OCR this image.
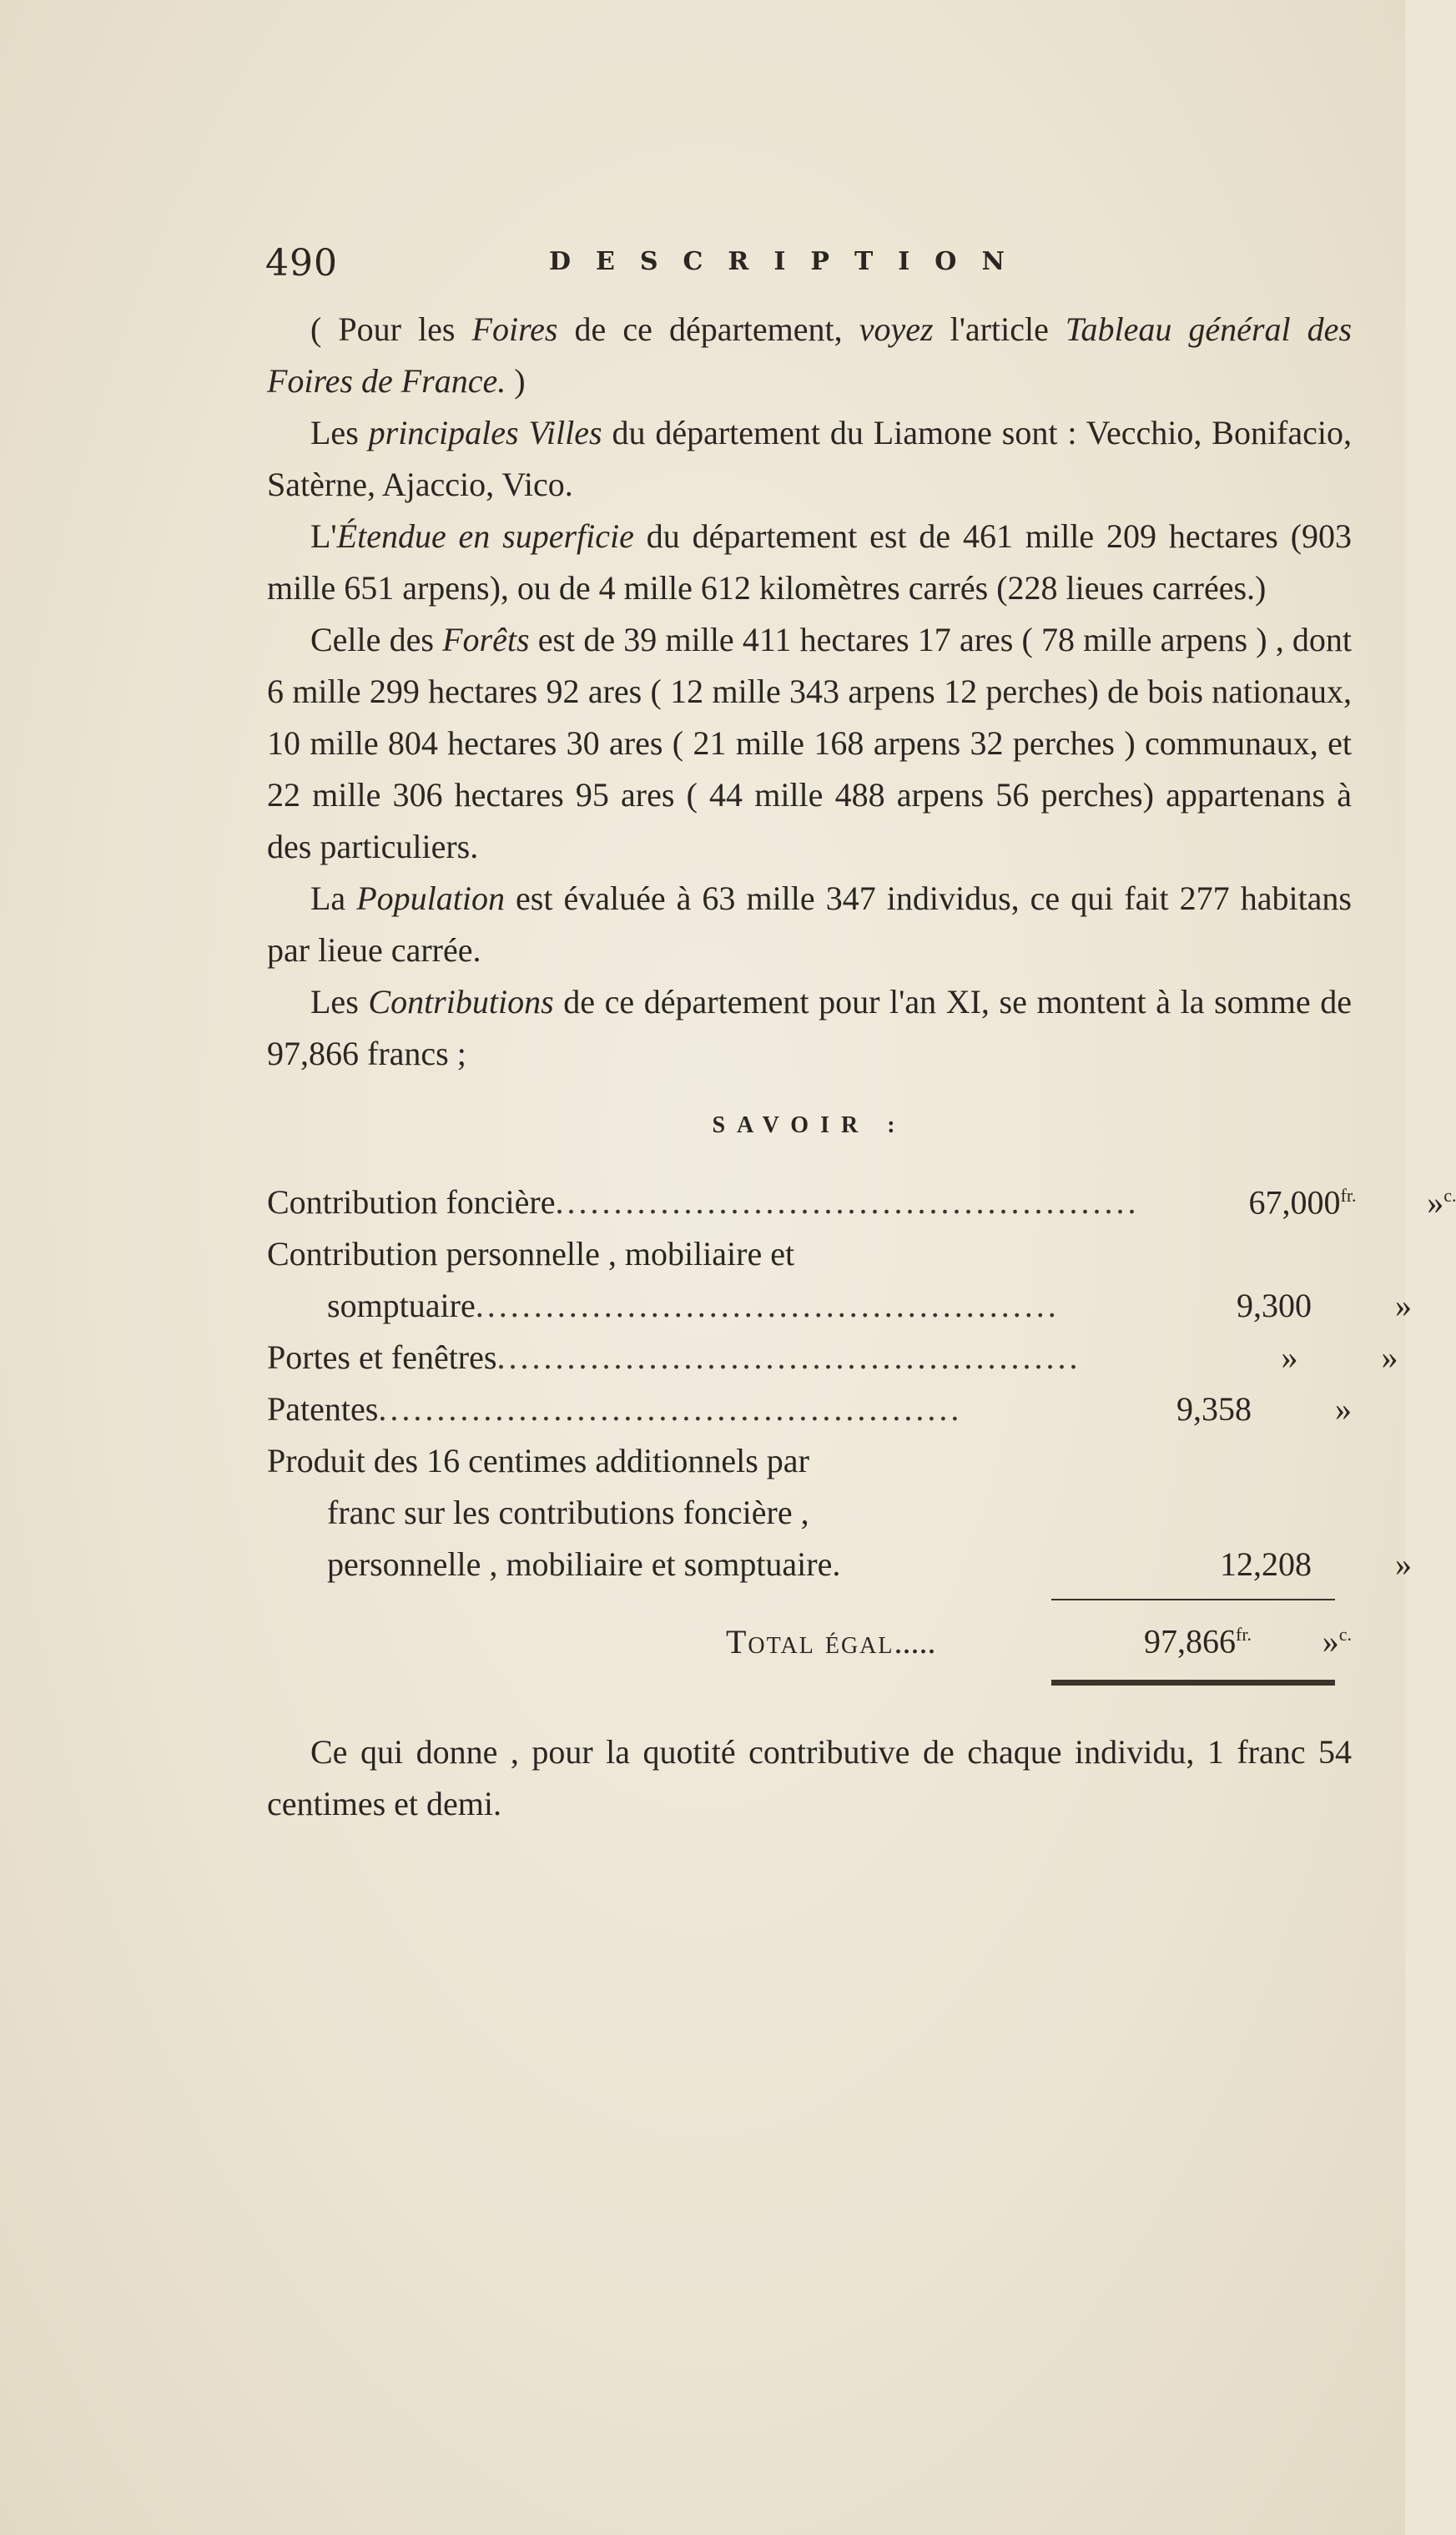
490	DESCRIPTION

( Pour les Foires de ce département, voyez l'article Tableau général des Foires de France. )

Les principales Villes du département du Liamone sont : Vecchio, Bonifacio, Satèrne, Ajaccio, Vico.

L'Étendue en superficie du département est de 461 mille 209 hectares (903 mille 651 arpens), ou de 4 mille 612 kilomètres carrés (228 lieues carrées.)

Celle des Forêts est de 39 mille 411 hectares 17 ares ( 78 mille arpens ) , dont 6 mille 299 hectares 92 ares ( 12 mille 343 arpens 12 perches) de bois nationaux, 10 mille 804 hectares 30 ares ( 21 mille 168 arpens 32 perches ) communaux, et 22 mille 306 hectares 95 ares ( 44 mille 488 arpens 56 perches) appartenans à des particuliers.

La Population est évaluée à 63 mille 347 individus, ce qui fait 277 habitans par lieue carrée.

Les Contributions de ce département pour l'an XI, se montent à la somme de 97,866 francs ;

SAVOIR :
Contribution foncière..................................................	$67,000^{fr.}$	»$^{c.}$
Contribution personnelle , mobiliaire et
somptuaire..................................................	9,300	»
Portes et fenêtres..................................................	»	»
Patentes..................................................	9,358	»
Produit des 16 centimes additionnels par
franc sur les contributions foncière ,
personnelle , mobiliaire et somptuaire.	12,208	»
Total égal.....	$97,866^{fr.}$	»$^{c.}$

Ce qui donne , pour la quotité contributive de chaque individu, 1 franc 54 centimes et demi.
